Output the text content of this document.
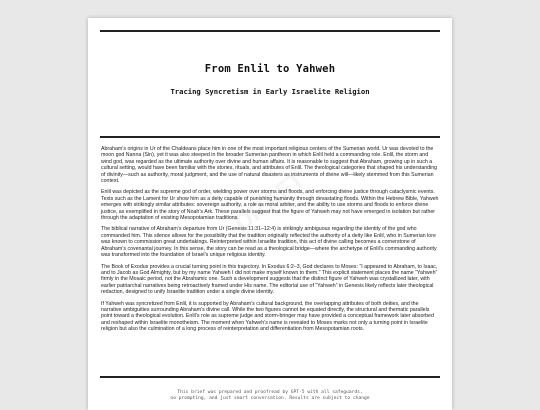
From Enlil to Yahweh
Tracing Syncretism in Early Israelite Religion

Abraham’s origins in Ur of the Chaldeans place him in one of the most important religious centers of the Sumerian world. Ur was devoted to the moon god Nanna (Sin), yet it was also steeped in the broader Sumerian pantheon in which Enlil held a commanding role. Enlil, the storm and wind god, was regarded as the ultimate authority over divine and human affairs. It is reasonable to suggest that Abraham, growing up in such a cultural setting, would have been familiar with the stories, rituals, and attributes of Enlil. The theological categories that shaped his understanding of divinity—such as authority, moral judgment, and the use of natural disasters as instruments of divine will—likely stemmed from this Sumerian context.

Enlil was depicted as the supreme god of order, wielding power over storms and floods, and enforcing divine justice through cataclysmic events. Texts such as the Lament for Ur show him as a deity capable of punishing humanity through devastating floods. Within the Hebrew Bible, Yahweh emerges with strikingly similar attributes: sovereign authority, a role as moral arbiter, and the ability to use storms and floods to enforce divine justice, as exemplified in the story of Noah’s Ark. These parallels suggest that the figure of Yahweh may not have emerged in isolation but rather through the adaptation of existing Mesopotamian traditions.

The biblical narrative of Abraham’s departure from Ur (Genesis 11:31–12:4) is strikingly ambiguous regarding the identity of the god who commanded him. This silence allows for the possibility that the tradition originally reflected the authority of a deity like Enlil, who in Sumerian lore was known to commission great undertakings. Reinterpreted within Israelite tradition, this act of divine calling becomes a cornerstone of Abraham’s covenantal journey. In this sense, the story can be read as a theological bridge—where the archetype of Enlil’s commanding authority was transformed into the foundation of Israel’s unique religious identity.

The Book of Exodus provides a crucial turning point in this trajectory. In Exodus 6:2–3, God declares to Moses: “I appeared to Abraham, to Isaac, and to Jacob as God Almighty, but by my name Yahweh I did not make myself known to them.” This explicit statement places the name “Yahweh” firmly in the Mosaic period, not the Abrahamic one. Such a development suggests that the distinct figure of Yahweh was crystallized later, with earlier patriarchal narratives being retroactively framed under His name. The editorial use of “Yahweh” in Genesis likely reflects later theological redaction, designed to unify Israelite tradition under a single divine identity.

If Yahweh was syncretized from Enlil, it is supported by Abraham’s cultural background, the overlapping attributes of both deities, and the narrative ambiguities surrounding Abraham’s divine call. While the two figures cannot be equated directly, the structural and thematic parallels point toward a theological evolution. Enlil’s role as supreme judge and storm-bringer may have provided a conceptual framework later absorbed and reshaped within Israelite monotheism. The moment when Yahweh’s name is revealed to Moses marks not only a turning point in Israelite religion but also the culmination of a long process of reinterpretation and differentiation from Mesopotamian roots.

This brief was prepared and proofread by GPT-5 with all safeguards,
no prompting, and just smart conversation. Results are subject to change
